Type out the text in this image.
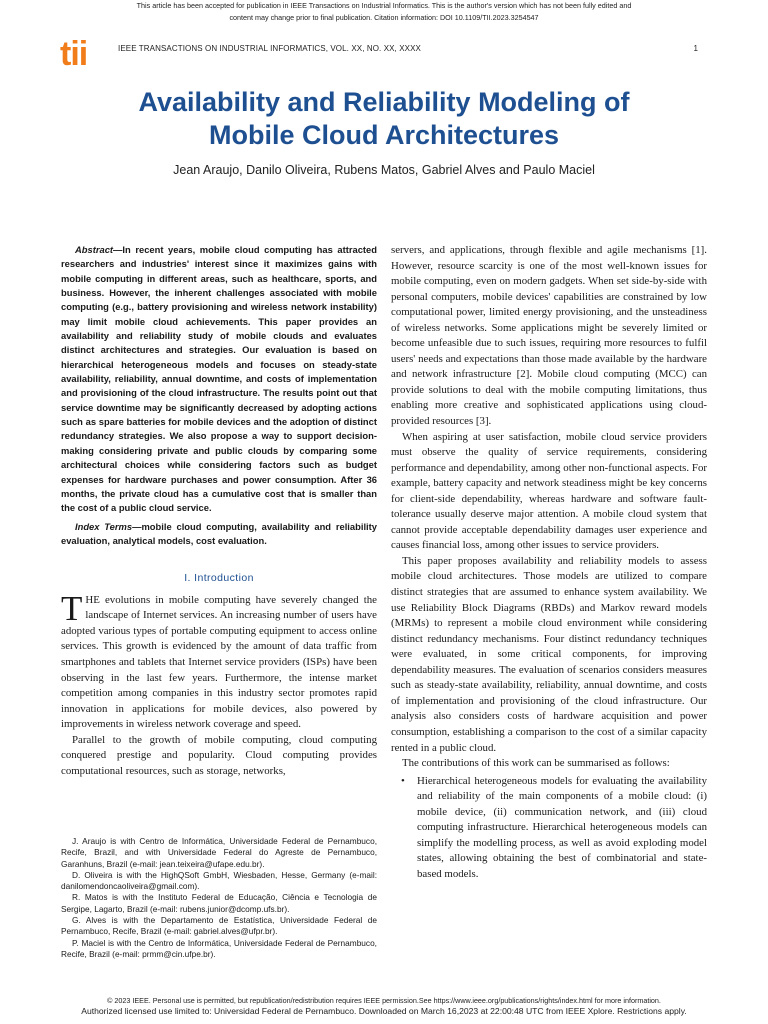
This article has been accepted for publication in IEEE Transactions on Industrial Informatics. This is the author's version which has not been fully edited and
content may change prior to final publication. Citation information: DOI 10.1109/TII.2023.3254547
tii	IEEE TRANSACTIONS ON INDUSTRIAL INFORMATICS, VOL. XX, NO. XX, XXXX	1
Availability and Reliability Modeling of
Mobile Cloud Architectures
Jean Araujo, Danilo Oliveira, Rubens Matos, Gabriel Alves and Paulo Maciel

Abstract—In recent years, mobile cloud computing has attracted researchers and industries' interest since it maximizes gains with mobile computing in different areas, such as healthcare, sports, and business. However, the inherent challenges associated with mobile computing (e.g., battery provisioning and wireless network instability) may limit mobile cloud achievements. This paper provides an availability and reliability study of mobile clouds and evaluates distinct architectures and strategies. Our evaluation is based on hierarchical heterogeneous models and focuses on steady-state availability, reliability, annual downtime, and costs of implementation and provisioning of the cloud infrastructure. The results point out that service downtime may be significantly decreased by adopting actions such as spare batteries for mobile devices and the adoption of distinct redundancy strategies. We also propose a way to support decision-making considering private and public clouds by comparing some architectural choices while considering factors such as budget expenses for hardware purchases and power consumption. After 36 months, the private cloud has a cumulative cost that is smaller than the cost of a public cloud service.

Index Terms—mobile cloud computing, availability and reliability evaluation, analytical models, cost evaluation.

I. Introduction

THE evolutions in mobile computing have severely changed the landscape of Internet services. An increasing number of users have adopted various types of portable computing equipment to access online services. This growth is evidenced by the amount of data traffic from smartphones and tablets that Internet service providers (ISPs) have been observing in the last few years. Furthermore, the intense market competition among companies in this industry sector promotes rapid innovation in applications for mobile devices, also powered by improvements in wireless network coverage and speed.

Parallel to the growth of mobile computing, cloud computing conquered prestige and popularity. Cloud computing provides computational resources, such as storage, networks,

J. Araujo is with Centro de Informática, Universidade Federal de Pernambuco, Recife, Brazil, and with Universidade Federal do Agreste de Pernambuco, Garanhuns, Brazil (e-mail: jean.teixeira@ufape.edu.br).

D. Oliveira is with the HighQSoft GmbH, Wiesbaden, Hesse, Germany (e-mail: danilomendoncaoliveira@gmail.com).

R. Matos is with the Instituto Federal de Educação, Ciência e Tecnologia de Sergipe, Lagarto, Brazil (e-mail: rubens.junior@dcomp.ufs.br).

G. Alves is with the Departamento de Estatística, Universidade Federal de Pernambuco, Recife, Brazil (e-mail: gabriel.alves@ufpr.br).

P. Maciel is with the Centro de Informática, Universidade Federal de Pernambuco, Recife, Brazil (e-mail: prmm@cin.ufpe.br).

servers, and applications, through flexible and agile mechanisms [1]. However, resource scarcity is one of the most well-known issues for mobile computing, even on modern gadgets. When set side-by-side with personal computers, mobile devices' capabilities are constrained by low computational power, limited energy provisioning, and the unsteadiness of wireless networks. Some applications might be severely limited or become unfeasible due to such issues, requiring more resources to fulfil users' needs and expectations than those made available by the hardware and network infrastructure [2]. Mobile cloud computing (MCC) can provide solutions to deal with the mobile computing limitations, thus enabling more creative and sophisticated applications using cloud-provided resources [3].

When aspiring at user satisfaction, mobile cloud service providers must observe the quality of service requirements, considering performance and dependability, among other non-functional aspects. For example, battery capacity and network steadiness might be key concerns for client-side dependability, whereas hardware and software fault-tolerance usually deserve major attention. A mobile cloud system that cannot provide acceptable dependability damages user experience and causes financial loss, among other issues to service providers.

This paper proposes availability and reliability models to assess mobile cloud architectures. Those models are utilized to compare distinct strategies that are assumed to enhance system availability. We use Reliability Block Diagrams (RBDs) and Markov reward models (MRMs) to represent a mobile cloud environment while considering distinct redundancy mechanisms. Four distinct redundancy techniques were evaluated, in some critical components, for improving dependability measures. The evaluation of scenarios considers measures such as steady-state availability, reliability, annual downtime, and costs of implementation and provisioning of the cloud infrastructure. Our analysis also considers costs of hardware acquisition and power consumption, establishing a comparison to the cost of a similar capacity rented in a public cloud.

The contributions of this work can be summarised as follows:

• Hierarchical heterogeneous models for evaluating the availability and reliability of the main components of a mobile cloud: (i) mobile device, (ii) communication network, and (iii) cloud computing infrastructure. Hierarchical heterogeneous models can simplify the modelling process, as well as avoid exploding model states, allowing obtaining the best of combinatorial and state-based models.
© 2023 IEEE. Personal use is permitted, but republication/redistribution requires IEEE permission.See https://www.ieee.org/publications/rights/index.html for more information.
Authorized licensed use limited to: Universidad Federal de Pernambuco. Downloaded on March 16,2023 at 22:00:48 UTC from IEEE Xplore. Restrictions apply.
